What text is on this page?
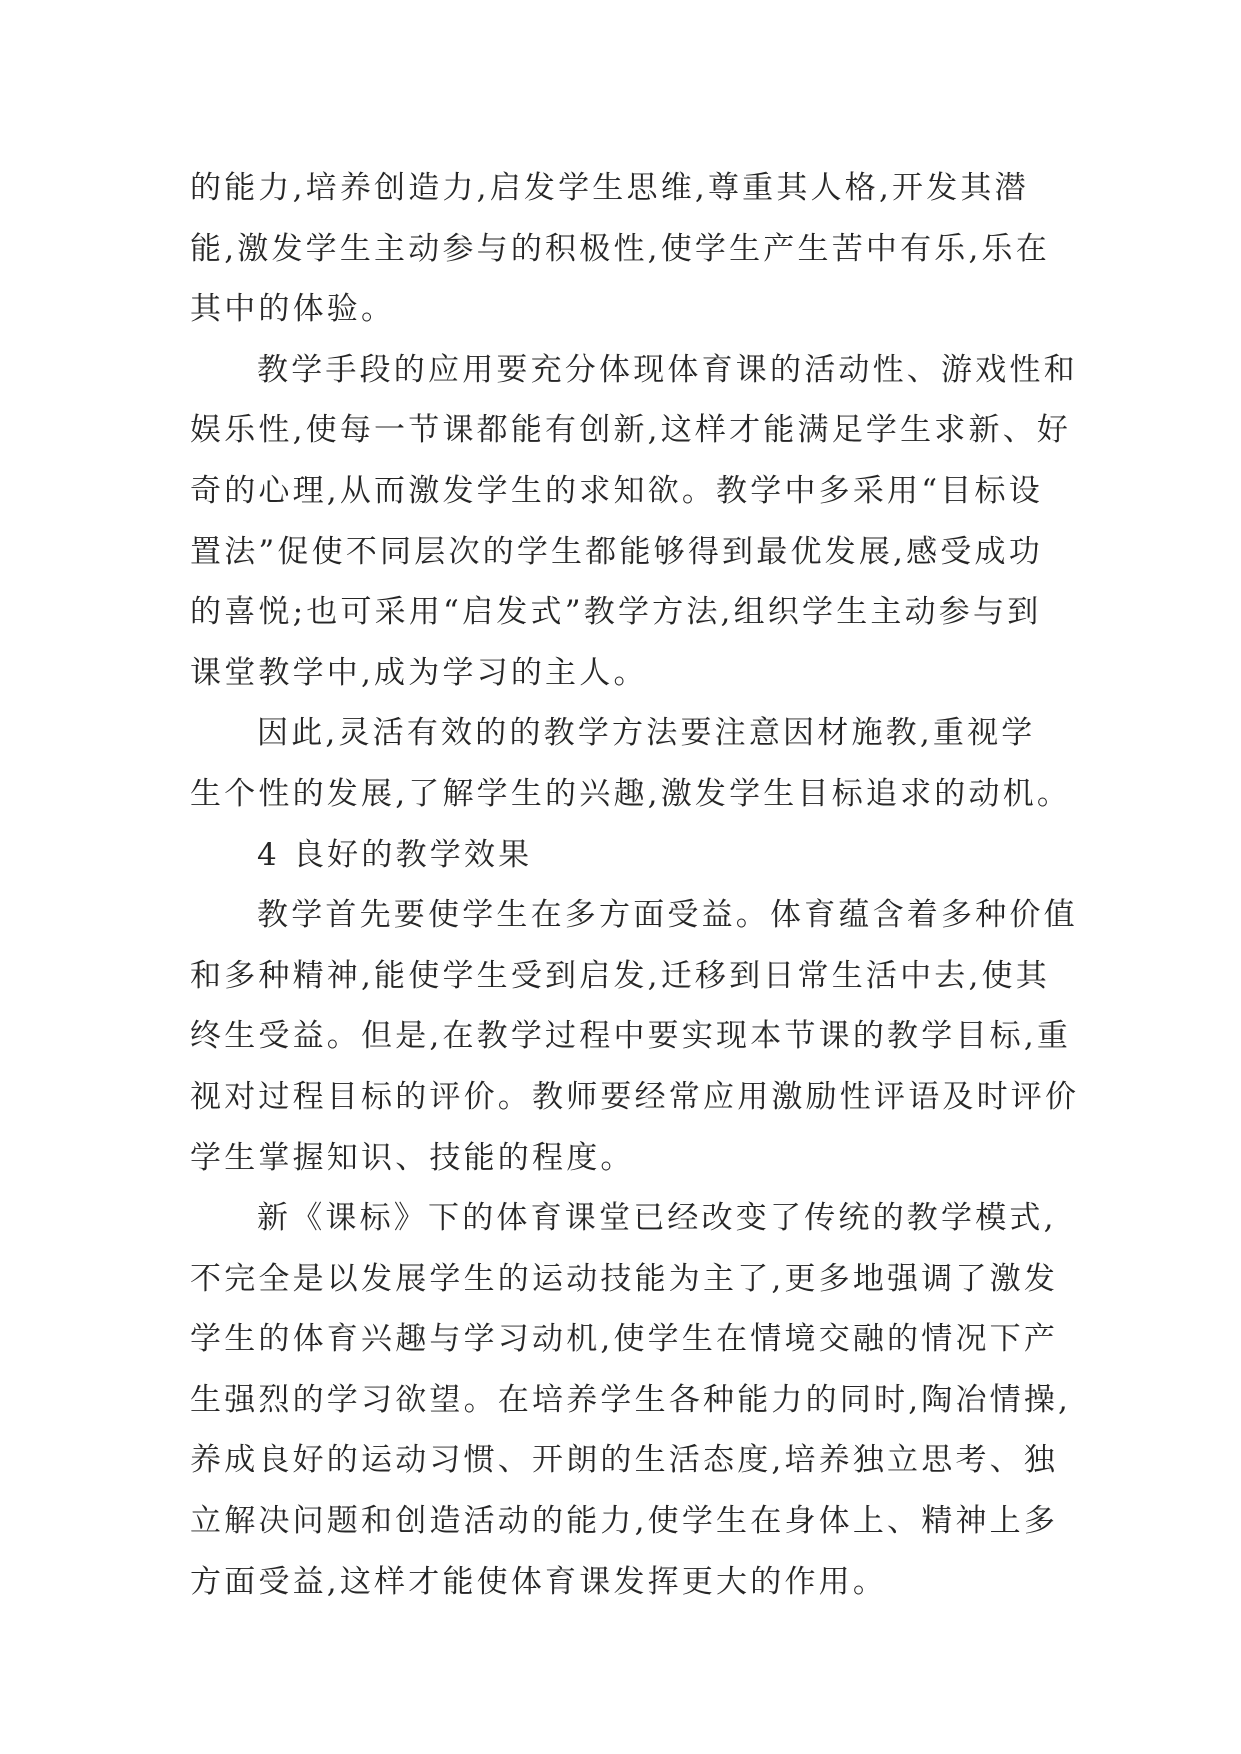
的能力,培养创造力,启发学生思维,尊重其人格,开发其潜
能,激发学生主动参与的积极性,使学生产生苦中有乐,乐在
其中的体验。
教学手段的应用要充分体现体育课的活动性、游戏性和
娱乐性,使每一节课都能有创新,这样才能满足学生求新、好
奇的心理,从而激发学生的求知欲。教学中多采用“目标设
置法”促使不同层次的学生都能够得到最优发展,感受成功
的喜悦;也可采用“启发式”教学方法,组织学生主动参与到
课堂教学中,成为学习的主人。
因此,灵活有效的的教学方法要注意因材施教,重视学
生个性的发展,了解学生的兴趣,激发学生目标追求的动机。
4 良好的教学效果
教学首先要使学生在多方面受益。体育蕴含着多种价值
和多种精神,能使学生受到启发,迁移到日常生活中去,使其
终生受益。但是,在教学过程中要实现本节课的教学目标,重
视对过程目标的评价。教师要经常应用激励性评语及时评价
学生掌握知识、技能的程度。
新《课标》下的体育课堂已经改变了传统的教学模式,
不完全是以发展学生的运动技能为主了,更多地强调了激发
学生的体育兴趣与学习动机,使学生在情境交融的情况下产
生强烈的学习欲望。在培养学生各种能力的同时,陶冶情操,
养成良好的运动习惯、开朗的生活态度,培养独立思考、独
立解决问题和创造活动的能力,使学生在身体上、精神上多
方面受益,这样才能使体育课发挥更大的作用。
